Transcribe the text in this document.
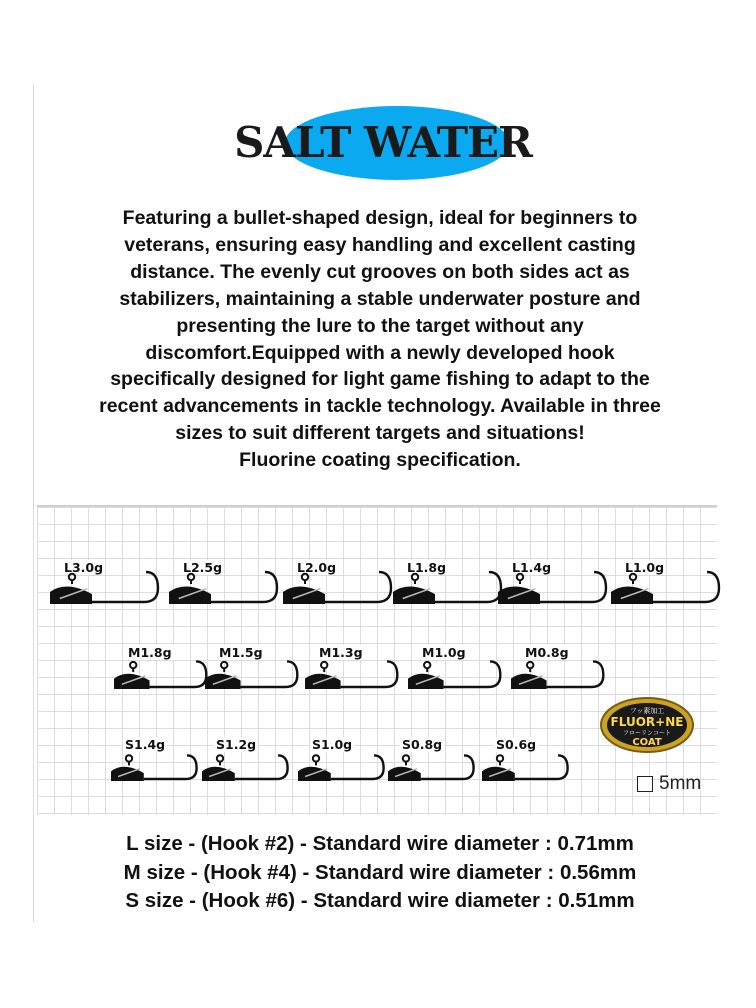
SALT WATER

Featuring a bullet-shaped design, ideal for beginners to

veterans, ensuring easy handling and excellent casting

distance. The evenly cut grooves on both sides act as

stabilizers, maintaining a stable underwater posture and

presenting the lure to the target without any

discomfort.Equipped with a newly developed hook

specifically designed for light game fishing to adapt to the

recent advancements in tackle technology. Available in three

sizes to suit different targets and situations!

Fluorine coating specification.

L3.0g	L2.5g	L2.0g	L1.8g	L1.4g	L1.0g
M1.8g	M1.5g	M1.3g	M1.0g	M0.8g
S1.4g	S1.2g	S1.0g	S0.8g	S0.6g
フッ素加工
FLUOR+NE
フローリンコート
COAT
5mm
L size - (Hook #2) - Standard wire diameter : 0.71mm
M size - (Hook #4) - Standard wire diameter : 0.56mm
S size - (Hook #6) - Standard wire diameter : 0.51mm
